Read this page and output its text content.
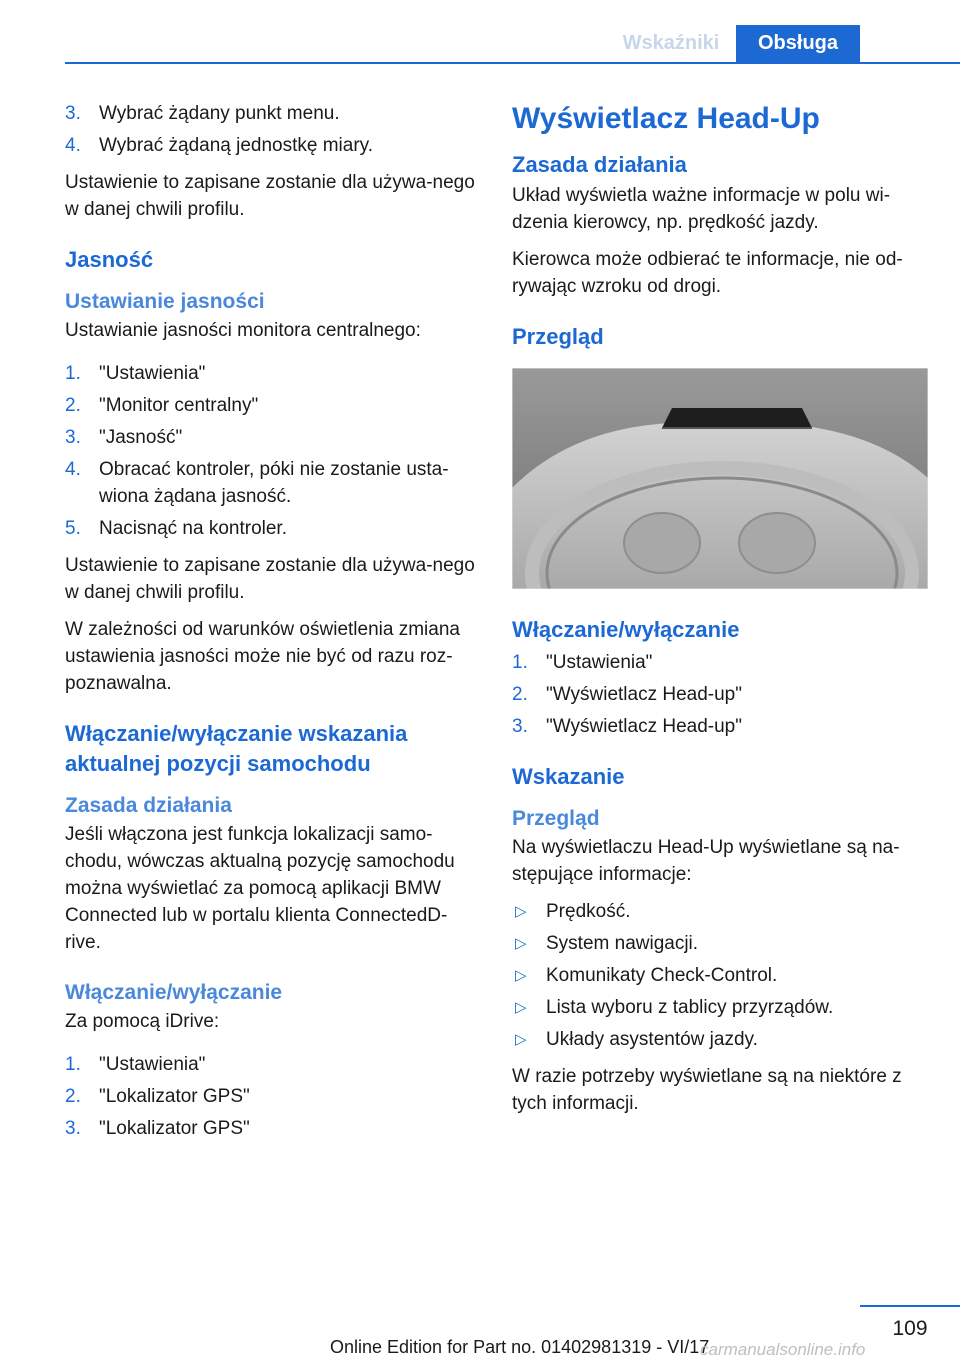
Wskaźniki	Obsługa
3. Wybrać żądany punkt menu.
4. Wybrać żądaną jednostkę miary.

Ustawienie to zapisane zostanie dla używa‐nego w danej chwili profilu.

Jasność
Ustawianie jasności

Ustawianie jasności monitora centralnego:

1. "Ustawienia"
2. "Monitor centralny"
3. "Jasność"
4. Obracać kontroler, póki nie zostanie usta‐wiona żądana jasność.
5. Nacisnąć na kontroler.

Ustawienie to zapisane zostanie dla używa‐nego w danej chwili profilu.

W zależności od warunków oświetlenia zmiana ustawienia jasności może nie być od razu roz‐poznawalna.

Włączanie/wyłączanie wskazania aktualnej pozycji samochodu
Zasada działania

Jeśli włączona jest funkcja lokalizacji samo‐chodu, wówczas aktualną pozycję samochodu można wyświetlać za pomocą aplikacji BMW Connected lub w portalu klienta ConnectedD‐rive.

Włączanie/wyłączanie

Za pomocą iDrive:

1. "Ustawienia"
2. "Lokalizator GPS"
3. "Lokalizator GPS"
Wyświetlacz Head-Up
Zasada działania

Układ wyświetla ważne informacje w polu wi‐dzenia kierowcy, np. prędkość jazdy.

Kierowca może odbierać te informacje, nie od‐rywając wzroku od drogi.

Przegląd
Włączanie/wyłączanie
1. "Ustawienia"
2. "Wyświetlacz Head-up"
3. "Wyświetlacz Head-up"
Wskazanie
Przegląd

Na wyświetlaczu Head-Up wyświetlane są na‐stępujące informacje:

▷ Prędkość.
▷ System nawigacji.
▷ Komunikaty Check-Control.
▷ Lista wyboru z tablicy przyrządów.
▷ Układy asystentów jazdy.

W razie potrzeby wyświetlane są na niektóre z tych informacji.

109
Online Edition for Part no. 01402981319 - VI/17
carmanualsonline.info
